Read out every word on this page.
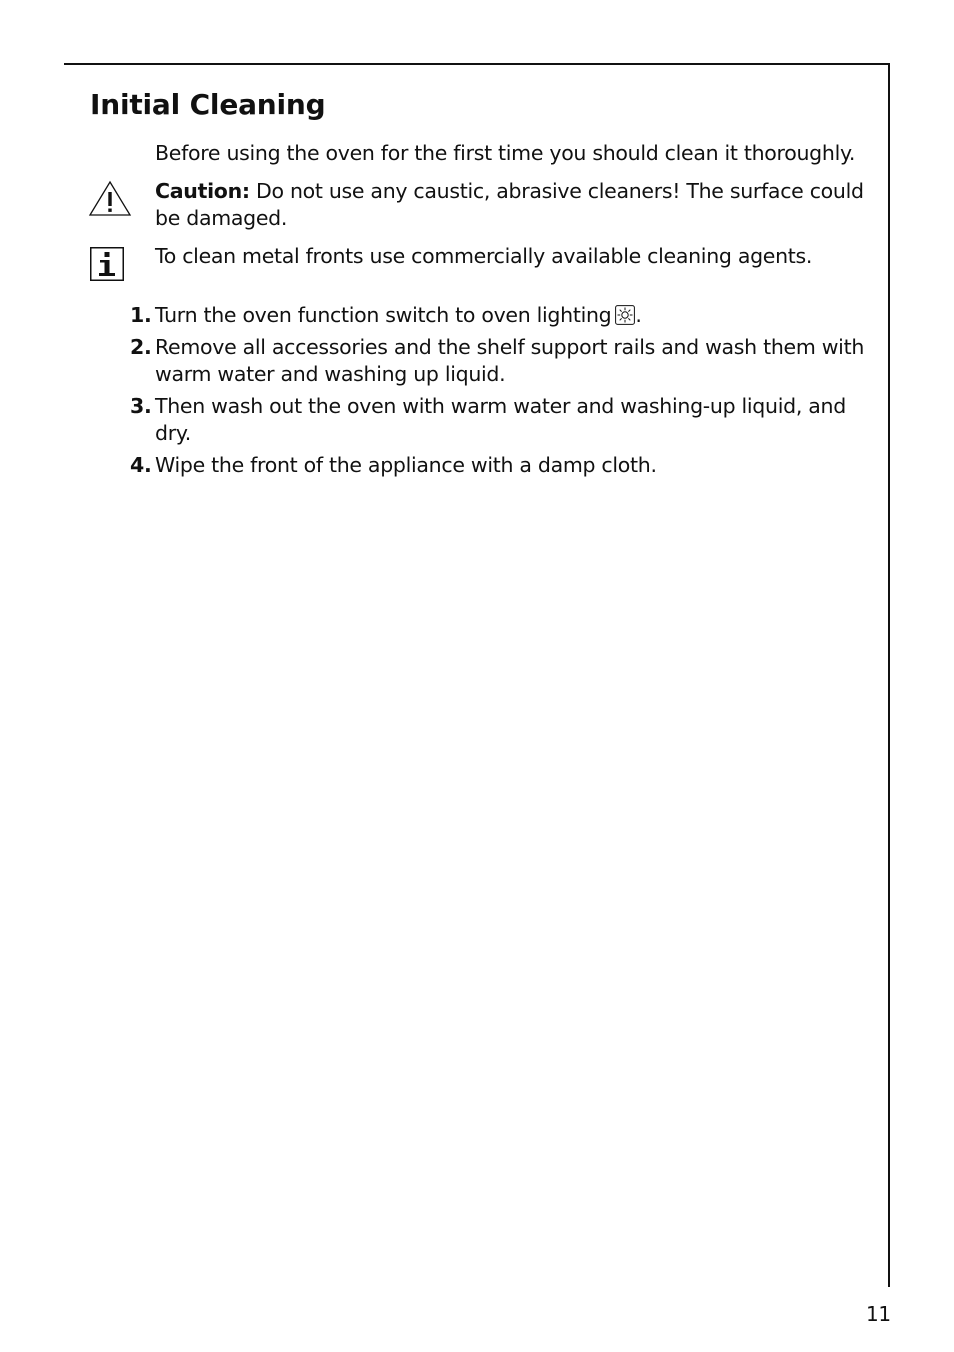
Initial Cleaning

Before using the oven for the first time you should clean it thoroughly.

Caution: Do not use any caustic, abrasive cleaners! The surface could be damaged.

To clean metal fronts use commercially available cleaning agents.

1. Turn the oven function switch to oven lighting .
2. Remove all accessories and the shelf support rails and wash them with warm water and washing up liquid.
3. Then wash out the oven with warm water and washing-up liquid, and dry.
4. Wipe the front of the appliance with a damp cloth.
11
